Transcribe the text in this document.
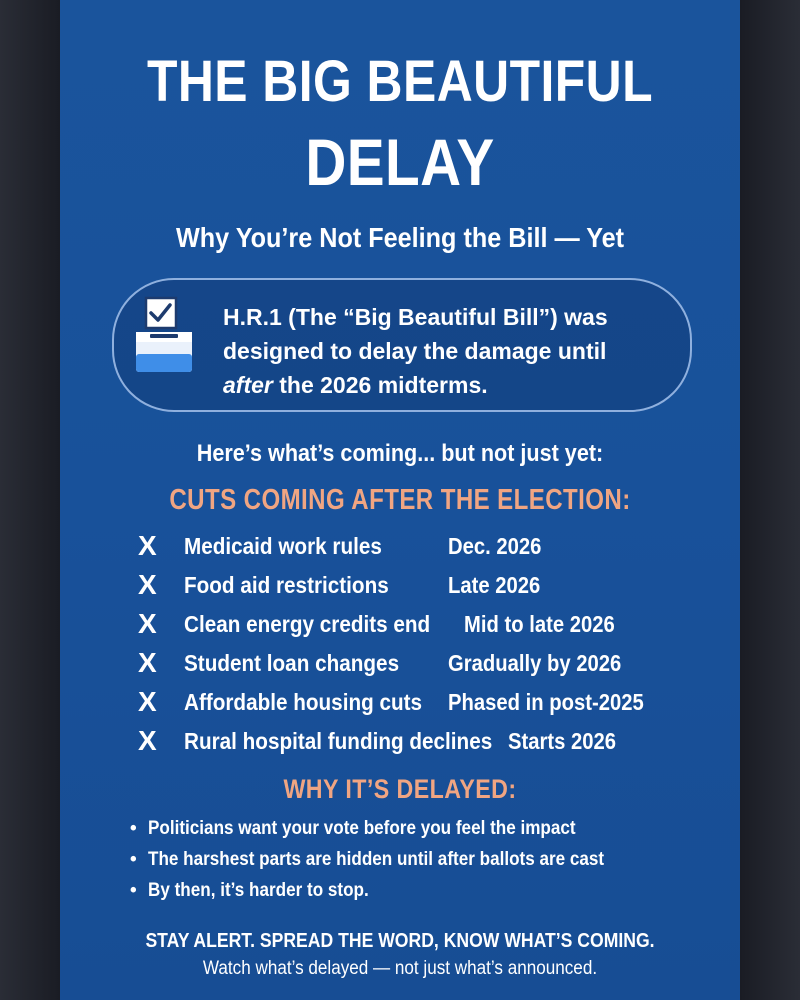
THE BIG BEAUTIFUL
DELAY
Why You’re Not Feeling the Bill — Yet
H.R.1 (The “Big Beautiful Bill”) was
designed to delay the damage until
after the 2026 midterms.
Here’s what’s coming... but not just yet:
CUTS COMING AFTER THE ELECTION:
X Medicaid work rules	Dec. 2026
X Food aid restrictions	Late 2026
X Clean energy credits end Mid to late 2026
X Student loan changes Gradually by 2026
X Affordable housing cuts Phased in post-2025
X Rural hospital funding declines Starts 2026
WHY IT’S DELAYED:
• Politicians want your vote before you feel the impact
• The harshest parts are hidden until after ballots are cast
• By then, it’s harder to stop.
STAY ALERT. SPREAD THE WORD, KNOW WHAT’S COMING.
Watch what’s delayed — not just what’s announced.
